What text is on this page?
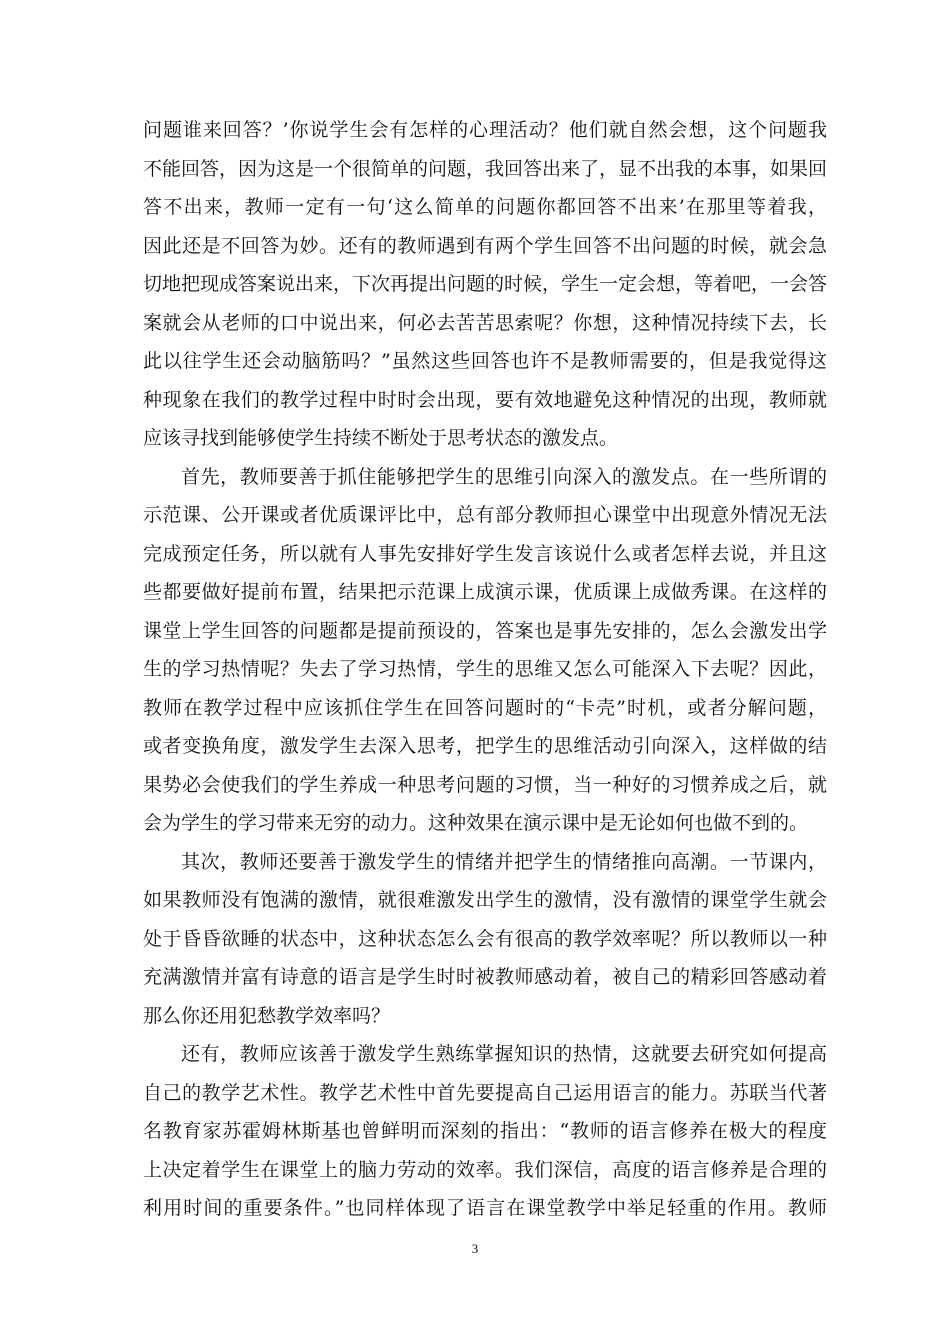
问题谁来回答？’你说学生会有怎样的心理活动？他们就自然会想，这个问题我
不能回答，因为这是一个很简单的问题，我回答出来了，显不出我的本事，如果回
答不出来，教师一定有一句‘这么简单的问题你都回答不出来’在那里等着我，
因此还是不回答为妙。还有的教师遇到有两个学生回答不出问题的时候，就会急
切地把现成答案说出来，下次再提出问题的时候，学生一定会想，等着吧，一会答
案就会从老师的口中说出来，何必去苦苦思索呢？你想，这种情况持续下去，长
此以往学生还会动脑筋吗？”虽然这些回答也许不是教师需要的，但是我觉得这
种现象在我们的教学过程中时时会出现，要有效地避免这种情况的出现，教师就
应该寻找到能够使学生持续不断处于思考状态的激发点。
首先，教师要善于抓住能够把学生的思维引向深入的激发点。在一些所谓的
示范课、公开课或者优质课评比中，总有部分教师担心课堂中出现意外情况无法
完成预定任务，所以就有人事先安排好学生发言该说什么或者怎样去说，并且这
些都要做好提前布置，结果把示范课上成演示课，优质课上成做秀课。在这样的
课堂上学生回答的问题都是提前预设的，答案也是事先安排的，怎么会激发出学
生的学习热情呢？失去了学习热情，学生的思维又怎么可能深入下去呢？因此，
教师在教学过程中应该抓住学生在回答问题时的“卡壳”时机，或者分解问题，
或者变换角度，激发学生去深入思考，把学生的思维活动引向深入，这样做的结
果势必会使我们的学生养成一种思考问题的习惯，当一种好的习惯养成之后，就
会为学生的学习带来无穷的动力。这种效果在演示课中是无论如何也做不到的。
其次，教师还要善于激发学生的情绪并把学生的情绪推向高潮。一节课内，
如果教师没有饱满的激情，就很难激发出学生的激情，没有激情的课堂学生就会
处于昏昏欲睡的状态中，这种状态怎么会有很高的教学效率呢？所以教师以一种
充满激情并富有诗意的语言是学生时时被教师感动着，被自己的精彩回答感动着
那么你还用犯愁教学效率吗？
还有，教师应该善于激发学生熟练掌握知识的热情，这就要去研究如何提高
自己的教学艺术性。教学艺术性中首先要提高自己运用语言的能力。苏联当代著
名教育家苏霍姆林斯基也曾鲜明而深刻的指出：“教师的语言修养在极大的程度
上决定着学生在课堂上的脑力劳动的效率。我们深信，高度的语言修养是合理的
利用时间的重要条件。”也同样体现了语言在课堂教学中举足轻重的作用。教师
3
